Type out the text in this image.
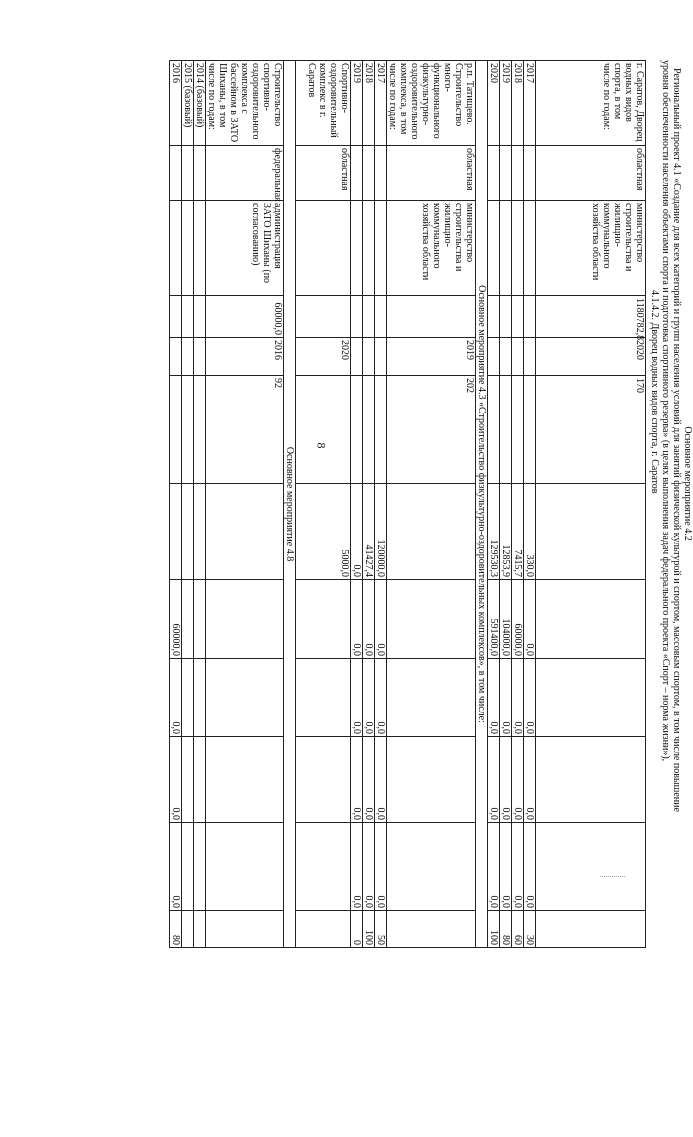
8	Основное мероприятие 4.2
Региональный проект 4.1 «Создание для всех категорий и групп населения условий для занятий физической культурой и спортом, массовым спортом, в том числе повышение
уровня обеспеченности населения объектами спорта и подготовка спортивного резерва» (в целях выполнения задач федерального проекта «Спорт – норма жизни»),
4.1.4.2. Дворец водных видов спорта, г. Саратов
г. Саратов, Дворец водных видов спорта, в том числе по годам:	областная	министерство строительства и жилищно-коммунального хозяйства области	1180782,8	2020	170						
2017						330,0	0,0	0,0	0,0	0,0	30
2018						7415,7	60000,0	0,0	0,0	0,0	60
2019						12853,9	104000,0	0,0	0,0	0,0	80
2020						129530,3	591400,0	0,0	0,0	0,0	100
Основное мероприятие 4.3 «Строительство физкультурно-оздоровительных комплексов», в том числе:											
р.п. Татищево. Строительство много-функционального физкультурно-оздоровительного комплекса, в том числе по годам:	областная	министерство строительства и жилищно-коммунального хозяйства области		2019	202						
2017						120000,0	0,0	0,0	0,0	0,0	50
2018						41427,4	0,0	0,0	0,0	0,0	100
2019						0,0	0,0	0,0	0,0	0,0	0
Спортивно-оздоровительный комплекс в г. Саратов	областная			2020		5000,0					
Основное мероприятие 4.8											
Строительство спортивно-оздоровительного комплекса с бассейном в ЗАТО Шиханы, в том числе по годам:	федеральная	администрация ЗАТО Шиханы (по согласованию)	60000,0	2016	92						
2014 (базовый)											
2015 (базовый)											
2016							60000,0	0,0	0,0	0,0	80
